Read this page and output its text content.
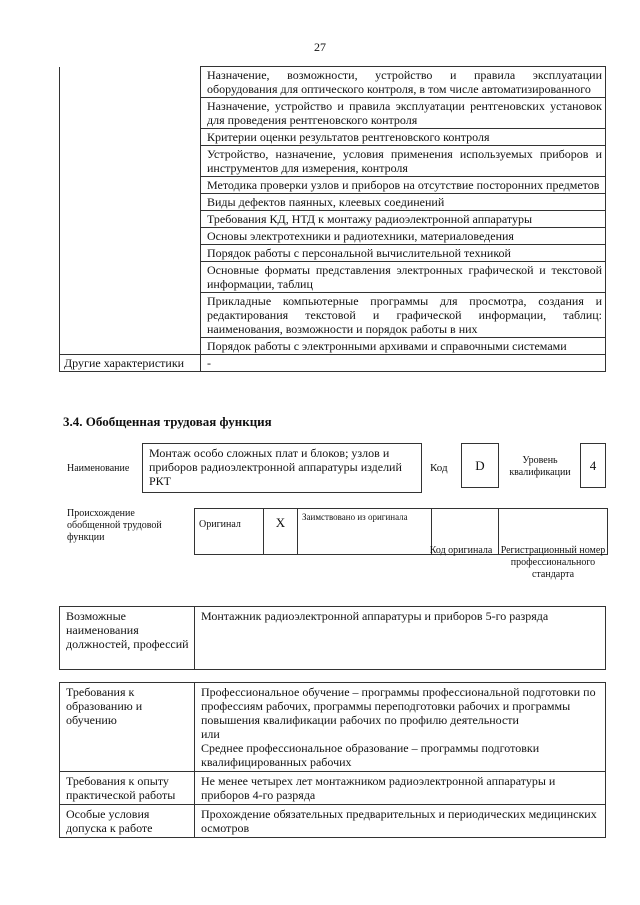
27
	Назначение, возможности, устройство и правила эксплуатации оборудования для оптического контроля, в том числе автоматизированного
	Назначение, устройство и правила эксплуатации рентгеновских установок для проведения рентгеновского контроля
	Критерии оценки результатов рентгеновского контроля
	Устройство, назначение, условия применения используемых приборов и инструментов для измерения, контроля
	Методика проверки узлов и приборов на отсутствие посторонних предметов
	Виды дефектов паянных, клеевых соединений
	Требования КД, НТД к монтажу радиоэлектронной аппаратуры
	Основы электротехники и радиотехники, материаловедения
	Порядок работы с персональной вычислительной техникой
	Основные форматы представления электронных графической и текстовой информации, таблиц
	Прикладные компьютерные программы для просмотра, создания и редактирования текстовой и графической информации, таблиц: наименования, возможности и порядок работы в них
	Порядок работы с электронными архивами и справочными системами
Другие характеристики	-
3.4. Обобщенная трудовая функция
Наименование
Монтаж особо сложных плат и блоков; узлов и приборов радиоэлектронной аппаратуры изделий РКТ
Код	D	Уровень квалификации	4
Происхождение обобщенной трудовой функции
Оригинал	X	Заимствовано из оригинала		
Код оригинала Регистрационный номер профессионального стандарта
Возможные наименования должностей, профессий	Монтажник радиоэлектронной аппаратуры и приборов 5-го разряда
Требования к образованию и обучению	Профессиональное обучение – программы профессиональной подготовки по профессиям рабочих, программы переподготовки рабочих и программы повышения квалификации рабочих по профилю деятельности
или
Среднее профессиональное образование – программы подготовки квалифицированных рабочих

Требования к опыту практической работы	Не менее четырех лет монтажником радиоэлектронной аппаратуры и приборов 4-го разряда

Особые условия допуска к работе	Прохождение обязательных предварительных и периодических медицинских осмотров
